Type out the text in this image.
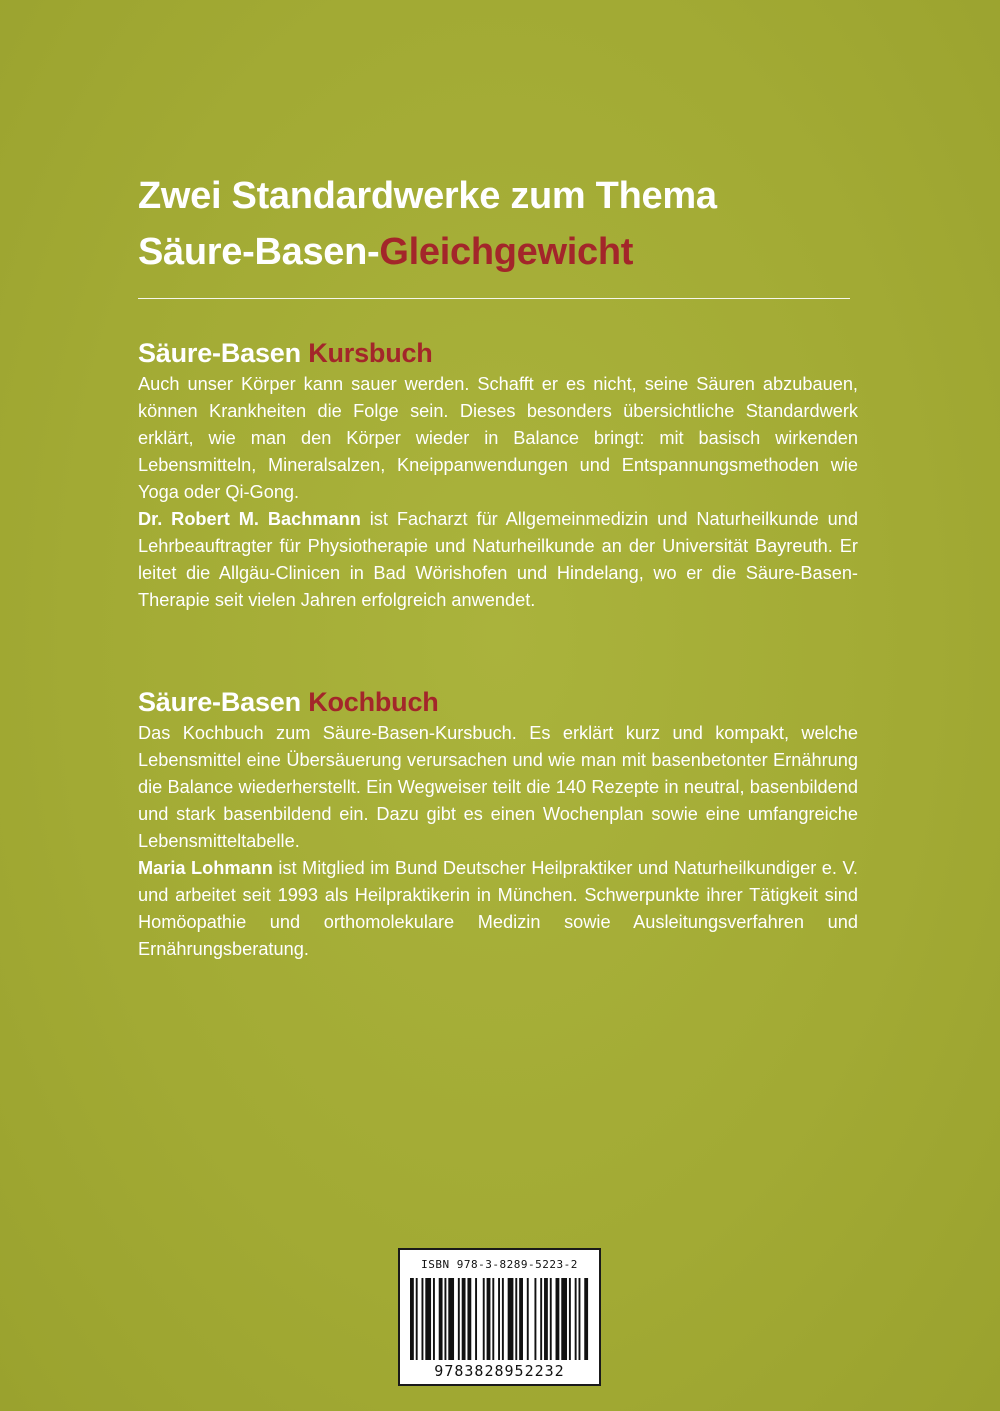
Zwei Standardwerke zum Thema
Säure-Basen-Gleichgewicht
Säure-Basen Kursbuch

Auch unser Körper kann sauer werden. Schafft er es nicht, seine Säuren abzubauen, können Krankheiten die Folge sein. Dieses besonders übersichtliche Standardwerk erklärt, wie man den Körper wieder in Balance bringt: mit basisch wirkenden Lebensmitteln, Mineralsalzen, Kneippanwendungen und Entspannungsmethoden wie Yoga oder Qi-Gong.

Dr. Robert M. Bachmann ist Facharzt für Allgemeinmedizin und Naturheilkunde und Lehrbeauftragter für Physiotherapie und Naturheilkunde an der Universität Bayreuth. Er leitet die Allgäu-Clinicen in Bad Wörishofen und Hindelang, wo er die Säure-Basen-Therapie seit vielen Jahren erfolgreich anwendet.

Säure-Basen Kochbuch

Das Kochbuch zum Säure-Basen-Kursbuch. Es erklärt kurz und kompakt, welche Lebensmittel eine Übersäuerung verursachen und wie man mit basenbetonter Ernährung die Balance wiederherstellt. Ein Wegweiser teilt die 140 Rezepte in neutral, basenbildend und stark basenbildend ein. Dazu gibt es einen Wochenplan sowie eine umfangreiche Lebensmitteltabelle.

Maria Lohmann ist Mitglied im Bund Deutscher Heilpraktiker und Naturheilkundiger e. V. und arbeitet seit 1993 als Heilpraktikerin in München. Schwerpunkte ihrer Tätigkeit sind Homöopathie und orthomolekulare Medizin sowie Ausleitungsverfahren und Ernährungsberatung.

ISBN 978-3-8289-5223-2
9783828952232
